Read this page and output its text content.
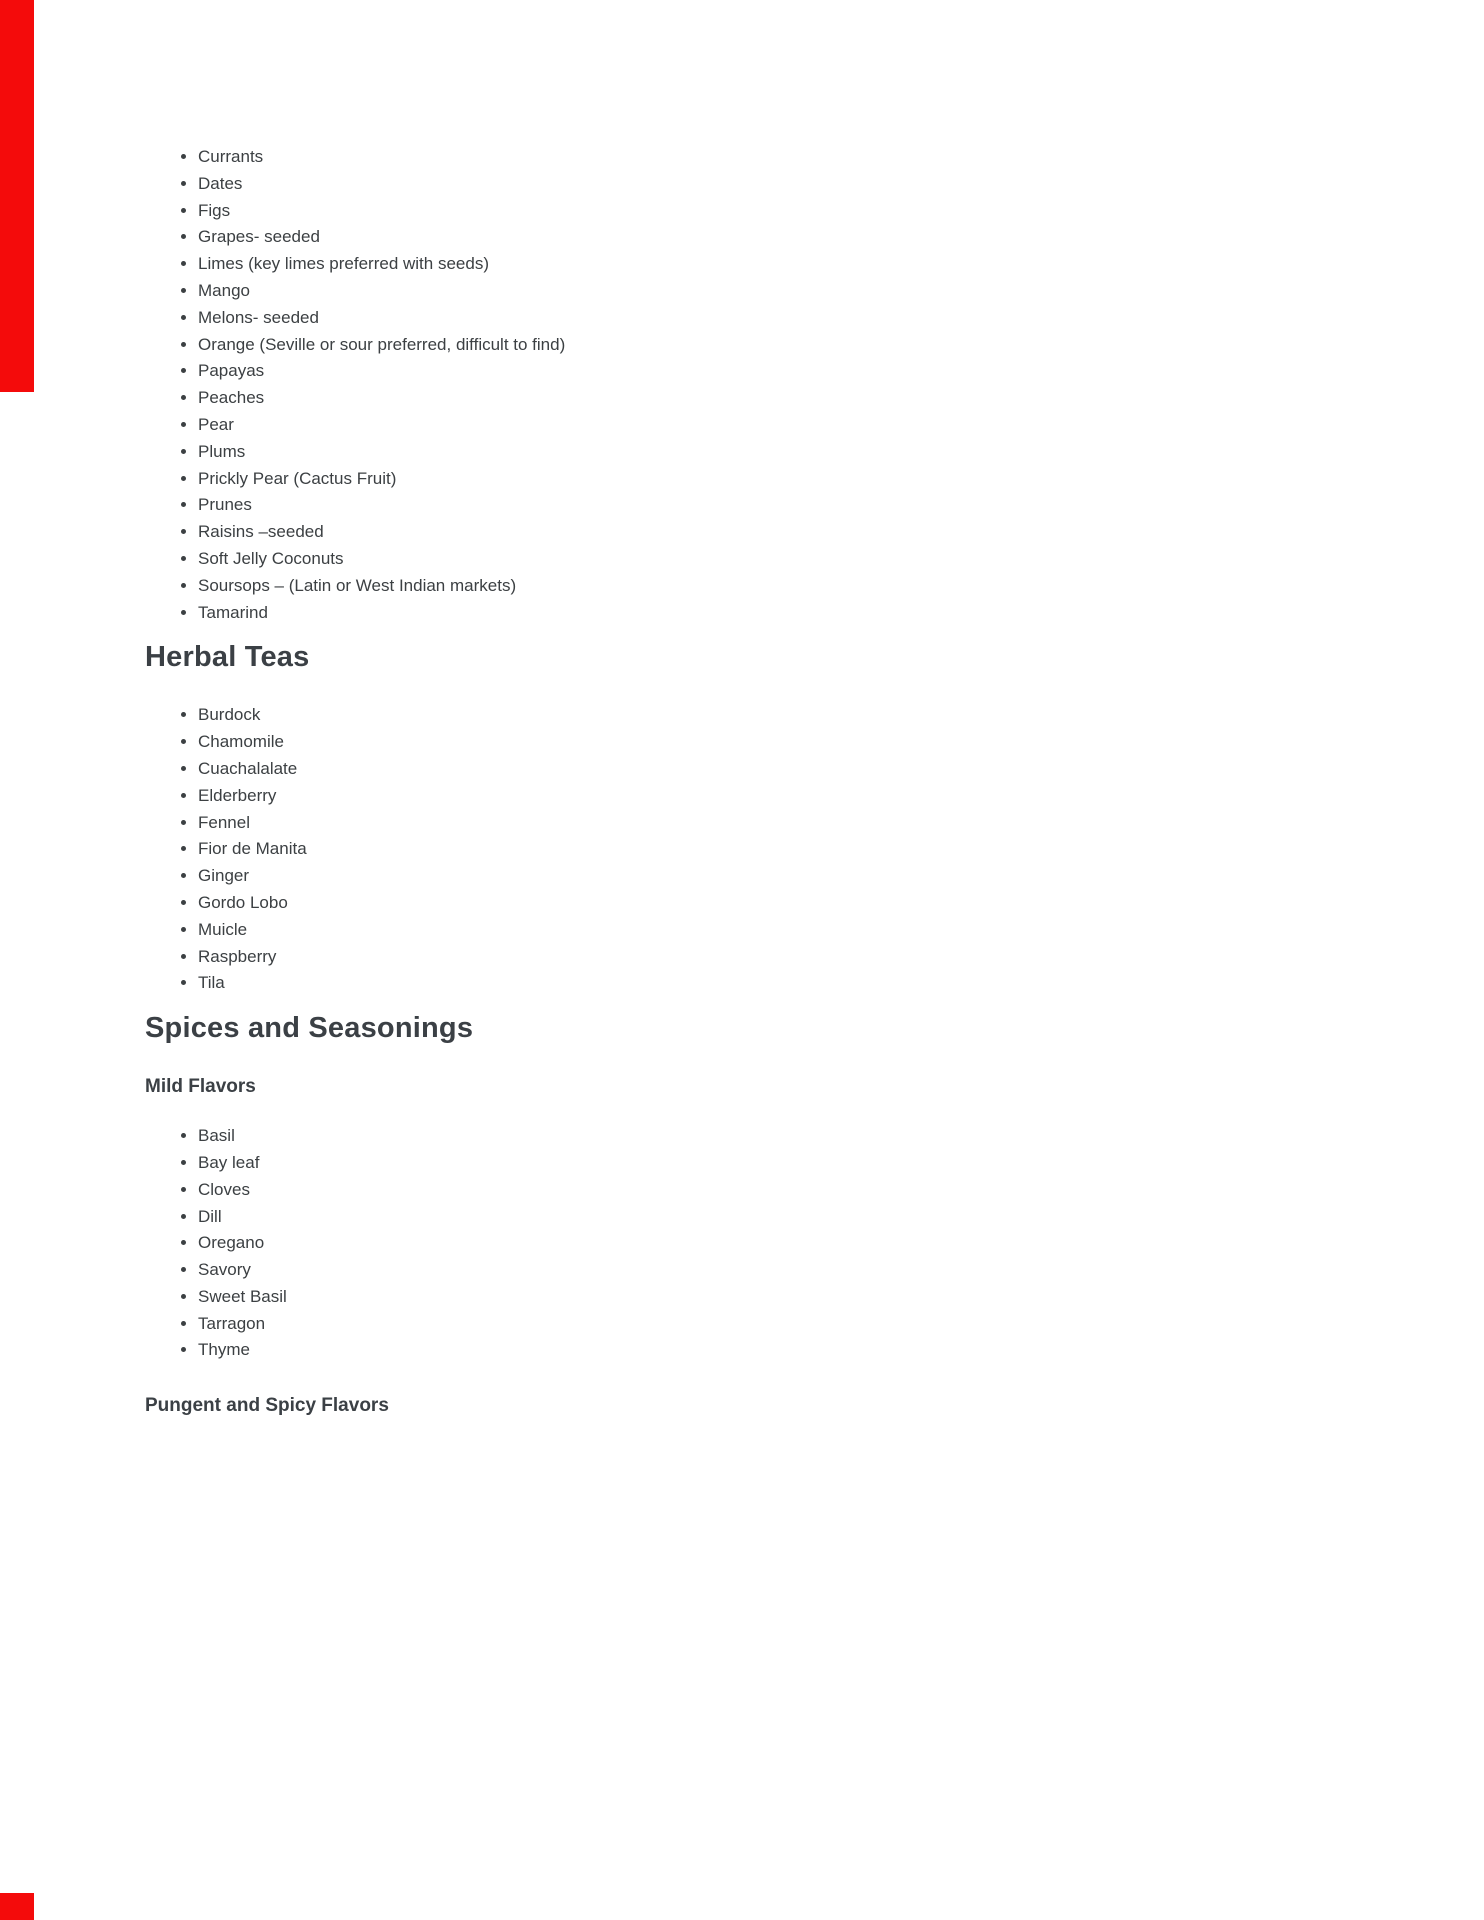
• Currants
• Dates
• Figs
• Grapes- seeded
• Limes (key limes preferred with seeds)
• Mango
• Melons- seeded
• Orange (Seville or sour preferred, difficult to find)
• Papayas
• Peaches
• Pear
• Plums
• Prickly Pear (Cactus Fruit)
• Prunes
• Raisins –seeded
• Soft Jelly Coconuts
• Soursops – (Latin or West Indian markets)
• Tamarind
Herbal Teas
• Burdock
• Chamomile
• Cuachalalate
• Elderberry
• Fennel
• Fior de Manita
• Ginger
• Gordo Lobo
• Muicle
• Raspberry
• Tila
Spices and Seasonings
Mild Flavors
• Basil
• Bay leaf
• Cloves
• Dill
• Oregano
• Savory
• Sweet Basil
• Tarragon
• Thyme
Pungent and Spicy Flavors
